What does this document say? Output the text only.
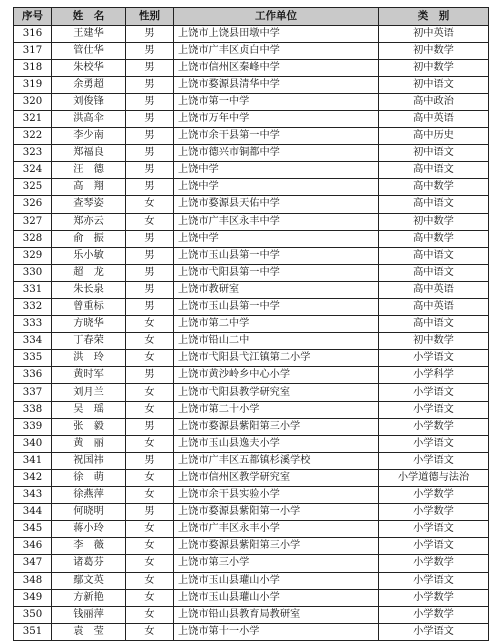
序号	姓　名	性别	工作单位	类　别
316	王建华	男	上饶市上饶县田墩中学	初中英语
317	管仕华	男	上饶市广丰区贞白中学	初中数学
318	朱校华	男	上饶市信州区秦峰中学	初中数学
319	余勇超	男	上饶市婺源县清华中学	初中语文
320	刘俊锋	男	上饶市第一中学	高中政治
321	洪高伞	男	上饶市万年中学	高中英语
322	李少南	男	上饶市余干县第一中学	高中历史
323	郑福良	男	上饶市德兴市铜都中学	初中语文
324	汪　德	男	上饶中学	高中语文
325	高　翔	男	上饶中学	高中数学
326	查琴姿	女	上饶市婺源县天佑中学	高中语文
327	郑亦云	女	上饶市广丰区永丰中学	初中数学
328	俞　振	男	上饶中学	高中数学
329	乐小敏	男	上饶市玉山县第一中学	高中语文
330	超　龙	男	上饶市弋阳县第一中学	高中语文
331	朱长泉	男	上饶市教研室	高中英语
332	曾重标	男	上饶市玉山县第一中学	高中英语
333	方晓华	女	上饶市第二中学	高中语文
334	丁春荣	女	上饶市铅山二中	初中数学
335	洪　玲	女	上饶市弋阳县弋江镇第二小学	小学语文
336	黄时军	男	上饶市黄沙岭乡中心小学	小学科学
337	刘月兰	女	上饶市弋阳县教学研究室	小学语文
338	吴　瑶	女	上饶市第二十小学	小学语文
339	张　毅	男	上饶市婺源县紫阳第三小学	小学数学
340	黄　丽	女	上饶市玉山县逸夫小学	小学语文
341	祝国祎	男	上饶市广丰区五都镇杉溪学校	小学语文
342	徐　萌	女	上饶市信州区教学研究室	小学道德与法治
343	徐燕萍	女	上饶市余干县实验小学	小学数学
344	何晓明	男	上饶市婺源县紫阳第一小学	小学数学
345	蒋小玲	女	上饶市广丰区永丰小学	小学语文
346	李　薇	女	上饶市婺源县紫阳第三小学	小学语文
347	诸葛芬	女	上饶市第三小学	小学数学
348	鄢文英	女	上饶市玉山县瓘山小学	小学语文
349	方新艳	女	上饶市玉山县瓘山小学	小学数学
350	钱丽萍	女	上饶市铅山县教育局教研室	小学数学
351	袁　莹	女	上饶市第十一小学	小学语文
